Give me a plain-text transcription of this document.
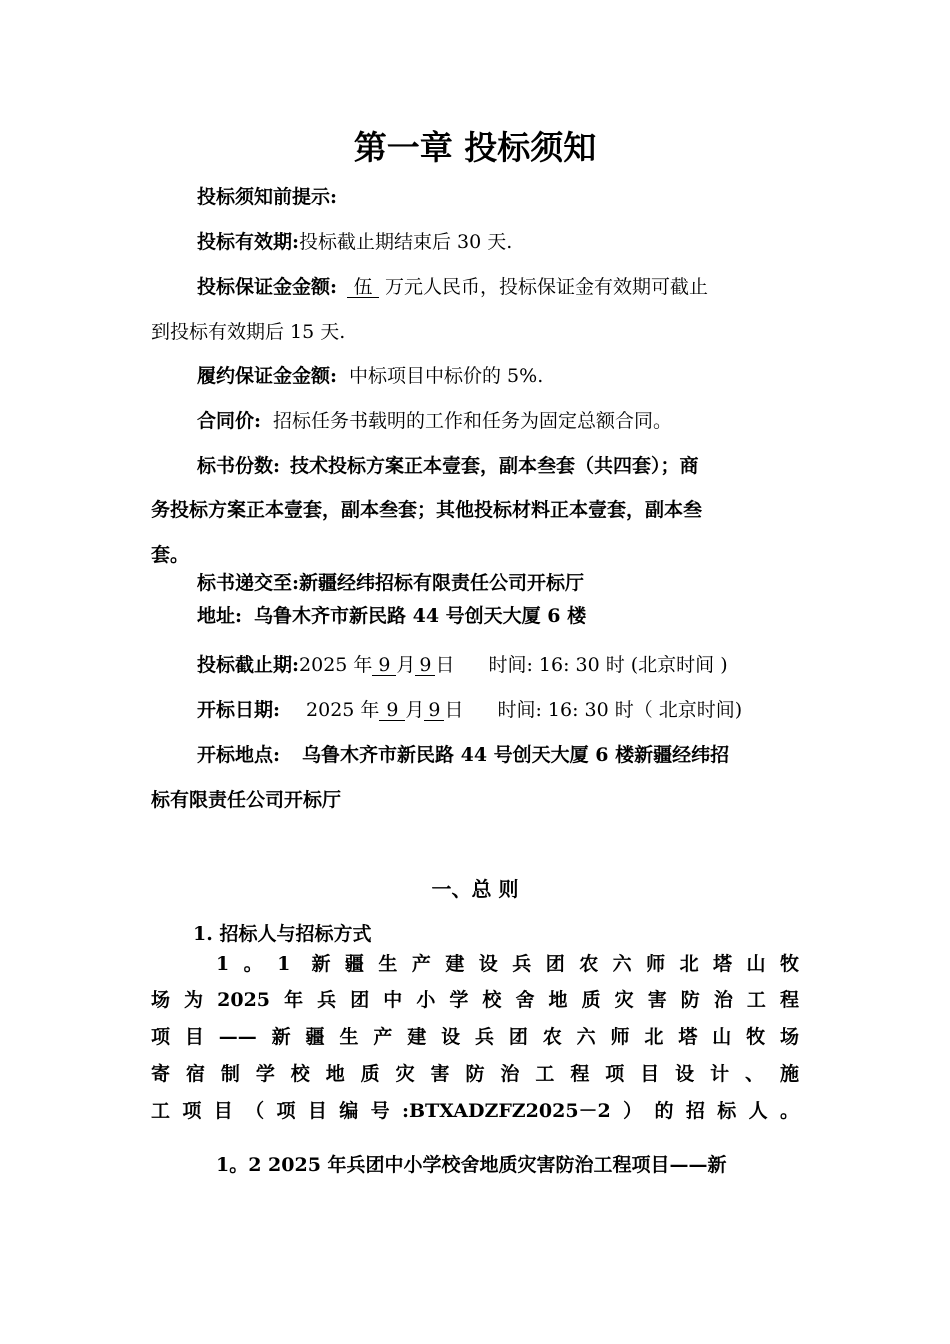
第一章 投标须知
投标须知前提示:
投标有效期:投标截止期结束后 30 天.
投标保证金金额: 伍 万元人民币，投标保证金有效期可截止
到投标有效期后 15 天.
履约保证金金额: 中标项目中标价的 5%.
合同价: 招标任务书载明的工作和任务为固定总额合同。
标书份数: 技术投标方案正本壹套，副本叁套（共四套）；商
务投标方案正本壹套，副本叁套；其他投标材料正本壹套，副本叁
套。
标书递交至:新疆经纬招标有限责任公司开标厅
地址: 乌鲁木齐市新民路 44 号创天大厦 6 楼
投标截止期:2025 年 9 月 9 日 时间: 16: 30 时 (北京时间 )
开标日期: 2025 年 9 月 9 日 时间: 16: 30 时（ 北京时间)
开标地点: 乌鲁木齐市新民路 44 号创天大厦 6 楼新疆经纬招
标有限责任公司开标厅
一、总 则
1. 招标人与招标方式
1。1 新疆生产建设兵团农六师北塔山牧
场为2025年兵团中小学校舍地质灾害防治工程
项目——新疆生产建设兵团农六师北塔山牧场
寄宿制学校地质灾害防治工程项目设计、施
工项目（项目编号:BTXADZFZ2025－2）的招标人。
1。2 2025 年兵团中小学校舍地质灾害防治工程项目——新
